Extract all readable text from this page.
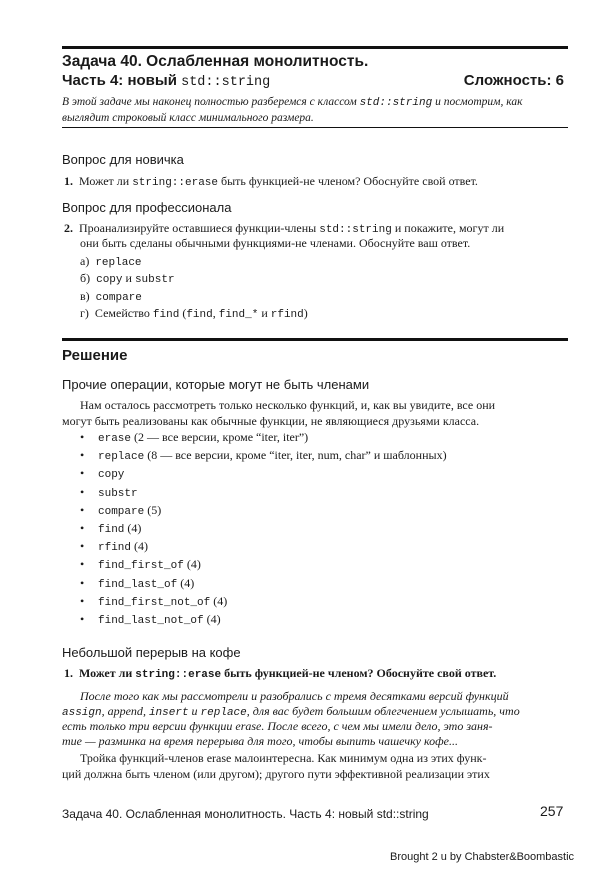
Задача 40. Ослабленная монолитность.
Часть 4: новый std::string	Сложность: 6
В этой задаче мы наконец полностью разберемся с классом std::string и посмотрим, как выглядит строковый класс минимального размера.
Вопрос для новичка
1. Может ли string::erase быть функцией-не членом? Обоснуйте свой ответ.
Вопрос для профессионала
2. Проанализируйте оставшиеся функции-члены std::string и покажите, могут ли
они быть сделаны обычными функциями-не членами. Обоснуйте ваш ответ.
а) replace
б) copy и substr
в) compare
г) Семейство find (find, find_* и rfind)
Решение
Прочие операции, которые могут не быть членами
Нам осталось рассмотреть только несколько функций, и, как вы увидите, все они
могут быть реализованы как обычные функции, не являющиеся друзьями класса.
• erase (2 — все версии, кроме “iter, iter”)
• replace (8 — все версии, кроме “iter, iter, num, char” и шаблонных)
• copy
• substr
• compare (5)
• find (4)
• rfind (4)
• find_first_of (4)
• find_last_of (4)
• find_first_not_of (4)
• find_last_not_of (4)
Небольшой перерыв на кофе
1. Может ли string::erase быть функцией-не членом? Обоснуйте свой ответ.
После того как мы рассмотрели и разобрались с тремя десятками версий функций
assign, append, insert и replace, для вас будет большим облегчением услышать, что
есть только три версии функции erase. После всего, с чем мы имели дело, это заня-
тие — разминка на время перерыва для того, чтобы выпить чашечку кофе...
Тройка функций-членов erase малоинтересна. Как минимум одна из этих функ-
ций должна быть членом (или другом); другого пути эффективной реализации этих
Задача 40. Ослабленная монолитность. Часть 4: новый std::string	257
Brought 2 u by Chabster&Boombastic
